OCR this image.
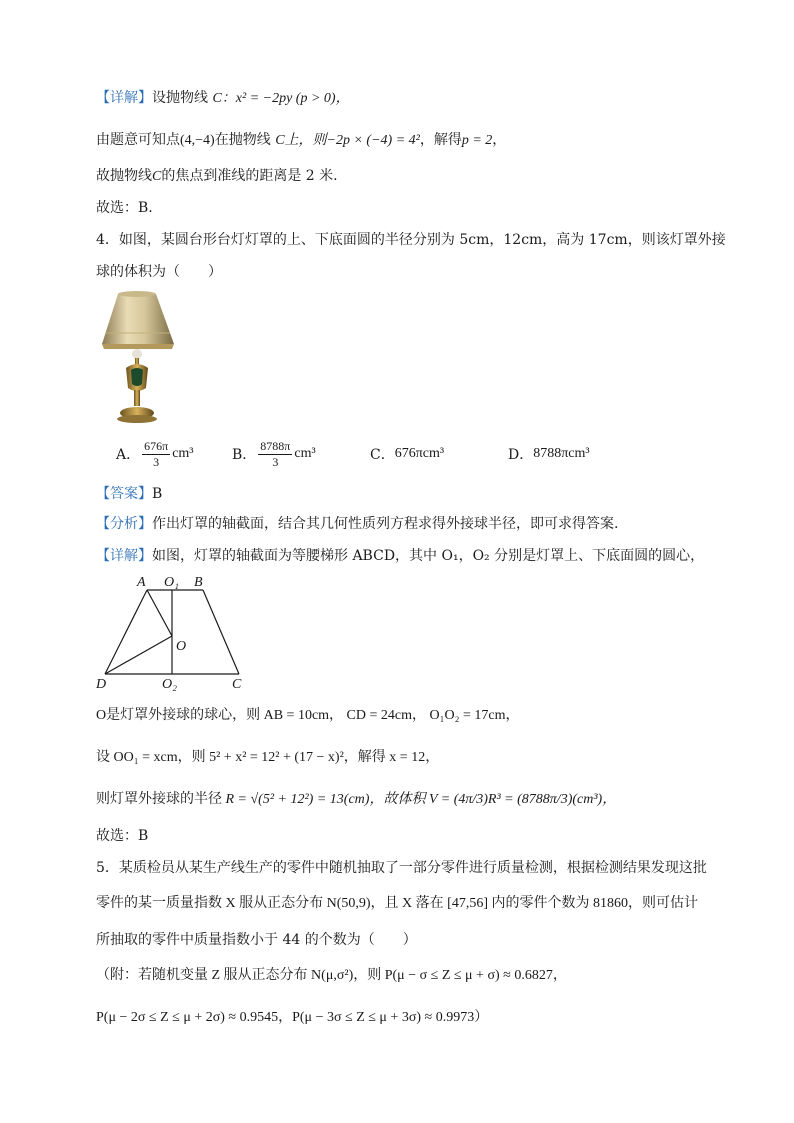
【详解】设抛物线 C：x² = −2py (p > 0)，
由题意可知点(4,−4)在抛物线 C上，则−2p × (−4) = 4²，解得p = 2，
故抛物线C的焦点到准线的距离是 2 米.
故选：B.
4．如图，某圆台形台灯灯罩的上、下底面圆的半径分别为 5cm，12cm，高为 17cm，则该灯罩外接
球的体积为（　　）
A． $\frac{676\pi}{3} cm^3$	B． $\frac{8788\pi}{3} cm^3$	C． 676πcm³	D． 8788πcm³
【答案】B
【分析】作出灯罩的轴截面，结合其几何性质列方程求得外接球半径，即可求得答案.
【详解】如图，灯罩的轴截面为等腰梯形 ABCD，其中 O₁，O₂ 分别是灯罩上、下底面圆的圆心，
A O₁ B
O
D	O₂	C
O是灯罩外接球的球心，则 AB = 10cm， CD = 24cm， O₁O₂ = 17cm，
设 OO₁ = xcm，则 5² + x² = 12² + (17 − x)²，解得 x = 12，
则灯罩外接球的半径 R = √(5² + 12²) = 13(cm)，故体积 V = (4π/3)R³ = (8788π/3)(cm³)，
故选：B
5．某质检员从某生产线生产的零件中随机抽取了一部分零件进行质量检测，根据检测结果发现这批
零件的某一质量指数 X 服从正态分布 N(50,9)，且 X 落在 [47,56] 内的零件个数为 81860，则可估计
所抽取的零件中质量指数小于 44 的个数为（　　）
（附：若随机变量 Z 服从正态分布 N(μ,σ²)，则 P(μ − σ ≤ Z ≤ μ + σ) ≈ 0.6827，
P(μ − 2σ ≤ Z ≤ μ + 2σ) ≈ 0.9545，P(μ − 3σ ≤ Z ≤ μ + 3σ) ≈ 0.9973）
